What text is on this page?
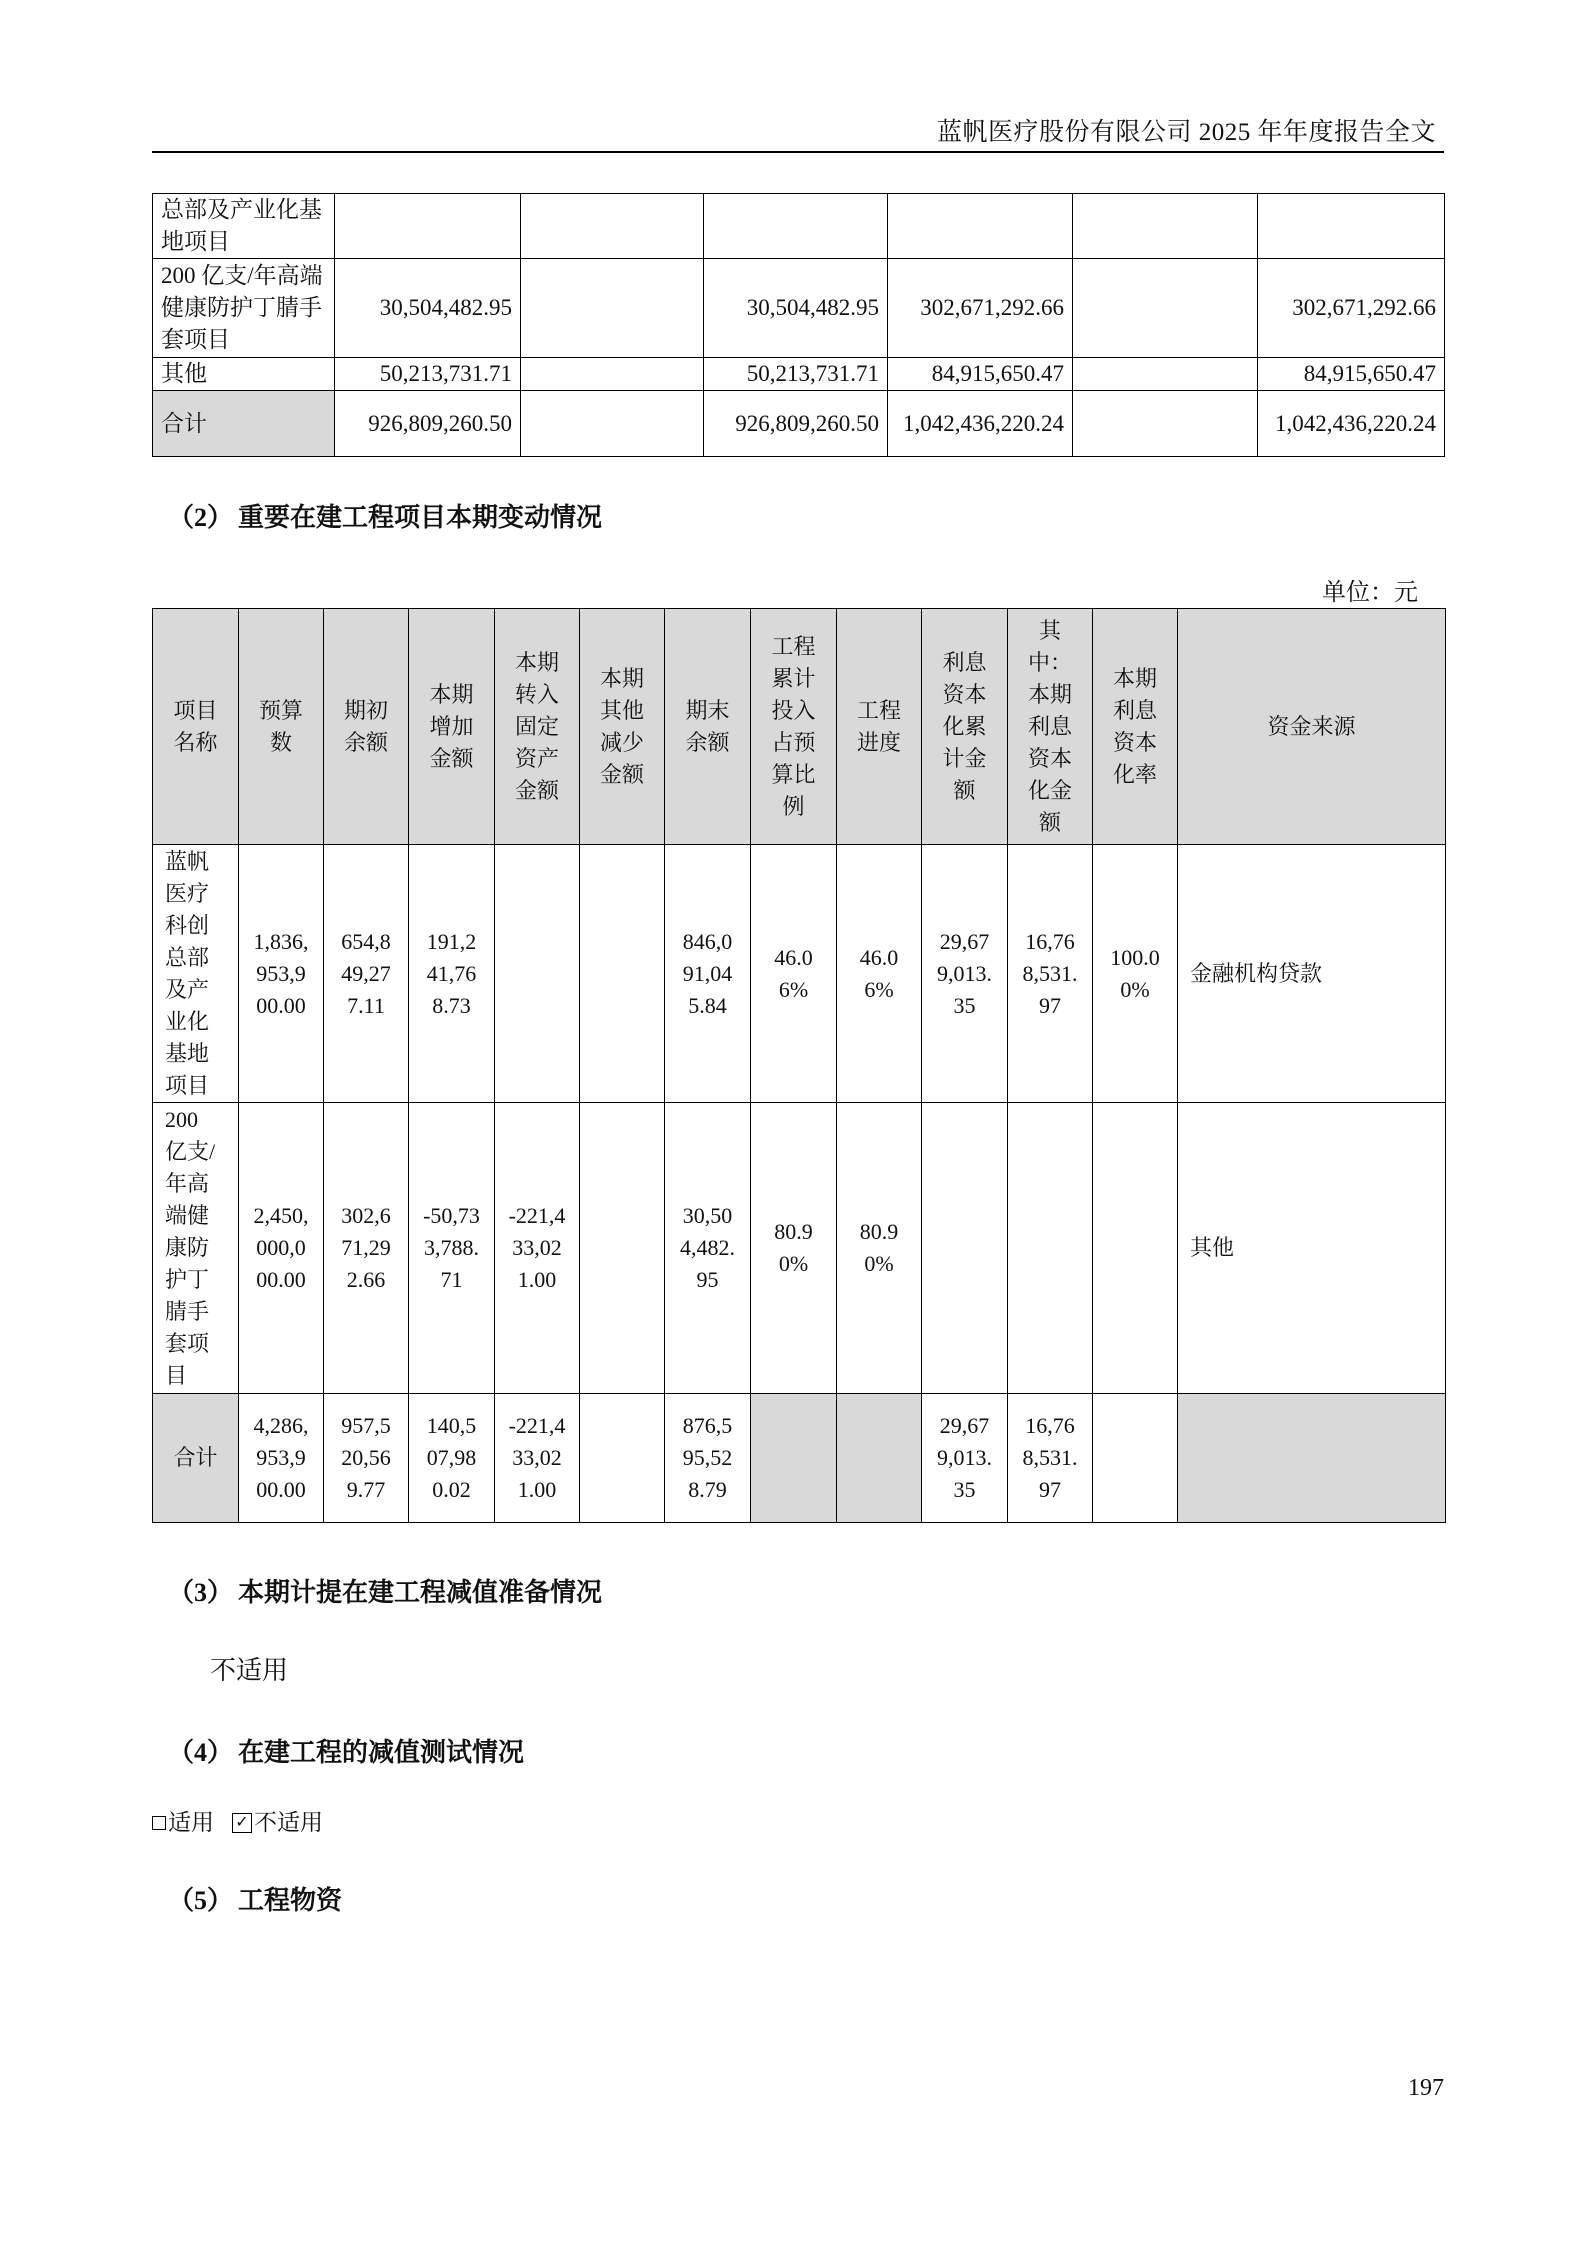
蓝帆医疗股份有限公司 2025 年年度报告全文
总部及产业化基地项目						
200 亿支/年高端健康防护丁腈手套项目	30,504,482.95		30,504,482.95	302,671,292.66		302,671,292.66
其他	50,213,731.71		50,213,731.71	84,915,650.47		84,915,650.47
合计	926,809,260.50		926,809,260.50	1,042,436,220.24		1,042,436,220.24
（2） 重要在建工程项目本期变动情况
单位：元
项目名称	预算数	期初余额	本期增加金额	本期转入固定资产金额	本期其他减少金额	期末余额	工程累计投入占预算比例	工程进度	利息资本化累计金额	其中：本期利息资本化金额	本期利息资本化率	资金来源
蓝帆医疗科创总部及产业化基地项目	1,836,953,900.00	654,849,277.11	191,241,768.73			846,091,045.84	46.06%	46.06%	29,679,013.35	16,768,531.97	100.00%	金融机构贷款
200亿支/年高端健康防护丁腈手套项目	2,450,000,000.00	302,671,292.66	-50,733,788.71	-221,433,021.00		30,504,482.95	80.90%	80.90%				其他
合计	4,286,953,900.00	957,520,569.77	140,507,980.02	-221,433,021.00		876,595,528.79			29,679,013.35	16,768,531.97		
（3） 本期计提在建工程减值准备情况
不适用
（4） 在建工程的减值测试情况
适用 ✓ 不适用
（5） 工程物资
197
